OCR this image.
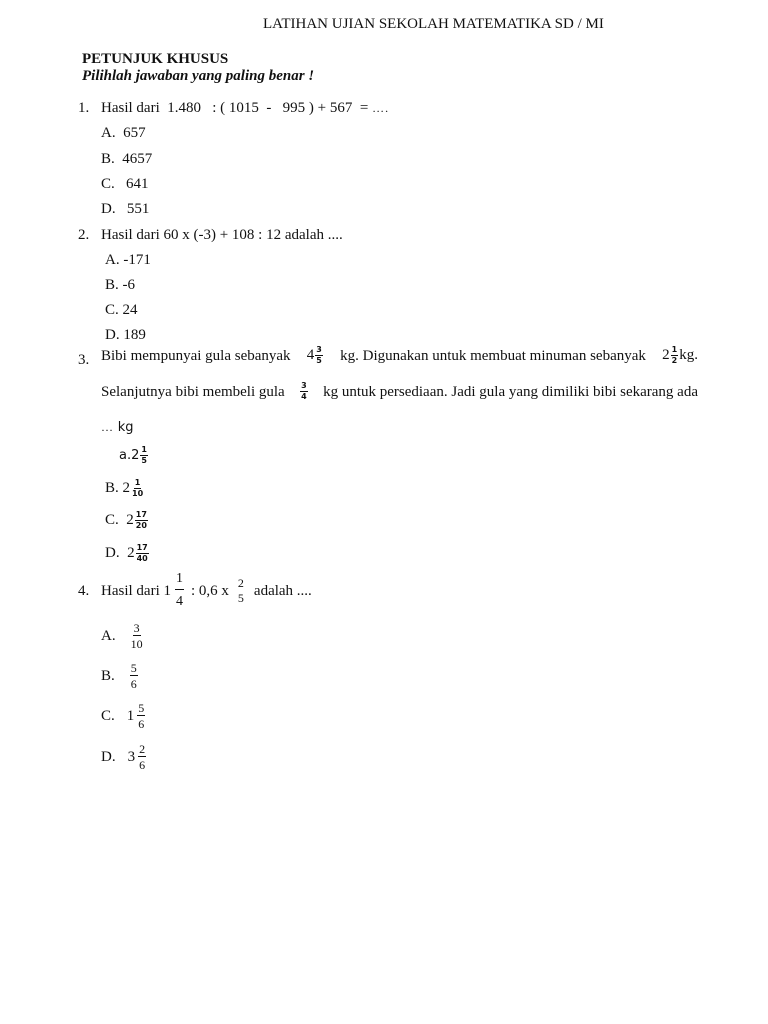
LATIHAN UJIAN SEKOLAH MATEMATIKA SD / MI
PETUNJUK KHUSUS
Pilihlah jawaban yang paling benar !
1. Hasil dari  1.480   : ( 1015  -   995 ) + 567  = ….
A.  657
B.  4657
C.   641
D.   551
2. Hasil dari 60 x (-3) + 108 : 12 adalah ....
A. -171
B. -6
C. 24
D. 189
3. Bibi mempunyai gula sebanyak $4 \frac{3}{5}$ kg. Digunakan untuk membuat minuman sebanyak $2 \frac{1}{2}$ kg.
Selanjutnya bibi membeli gula $\frac{3}{4}$ kg untuk persediaan. Jadi gula yang dimiliki bibi sekarang ada
… kg
$a.2 \frac{1}{5}$
B. $2 \frac{1}{10}$
C. $2 \frac{17}{20}$
D. $2 \frac{17}{40}$
4. Hasil dari $1 \frac{1}{4}$ : 0,6 x 2
5 adalah ....
A. $\frac{3}{10}$
B. $\frac{5}{6}$
C. $1 \frac{5}{6}$
D. $3 \frac{2}{6}$
